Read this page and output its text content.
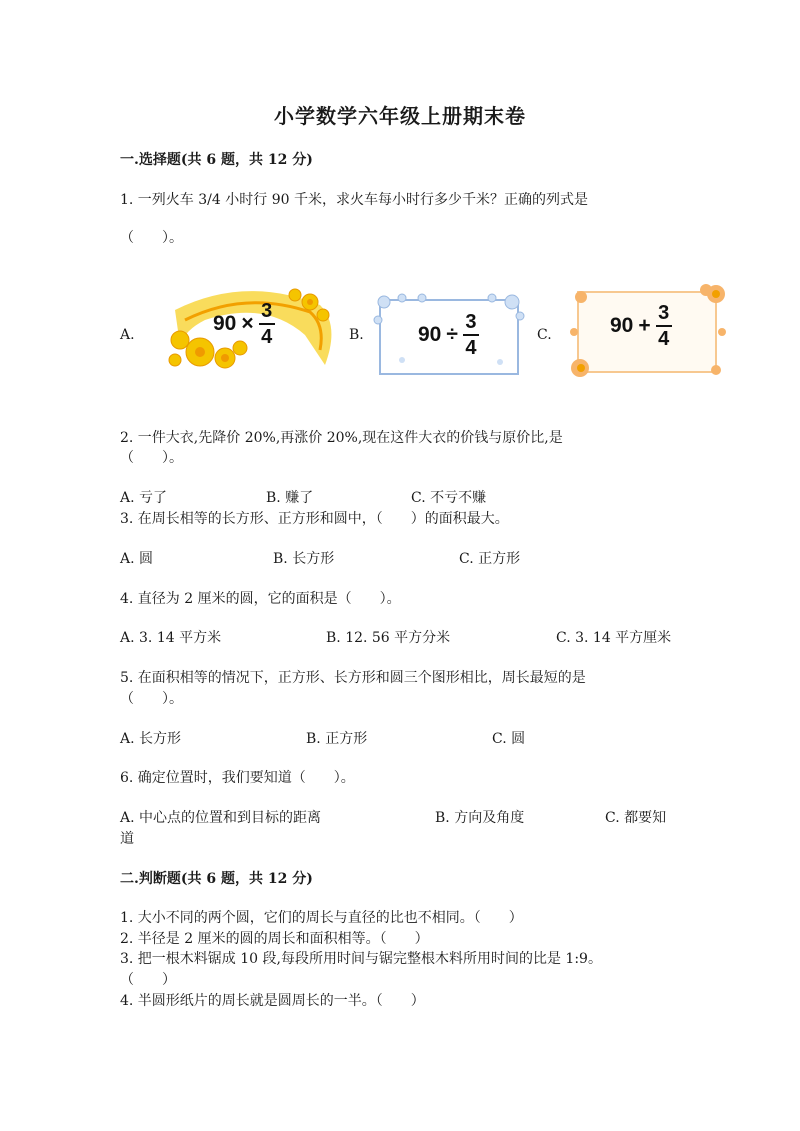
小学数学六年级上册期末卷
一.选择题(共 6 题，共 12 分)
1. 一列火车 3/4 小时行 90 千米，求火车每小时行多少千米？正确的列式是
（　　）。
A.	$90 \times \frac{3}{4}$	B.	$90 \div \frac{3}{4}$	C.	$90 + \frac{3}{4}$
2. 一件大衣,先降价 20%,再涨价 20%,现在这件大衣的价钱与原价比,是
（　　）。
A. 亏了	B. 赚了	C. 不亏不赚
3. 在周长相等的长方形、正方形和圆中，（　　）的面积最大。
A. 圆	B. 长方形	C. 正方形
4. 直径为 2 厘米的圆，它的面积是（　　）。
A. 3. 14 平方米	B. 12. 56 平方分米	C. 3. 14 平方厘米
5. 在面积相等的情况下，正方形、长方形和圆三个图形相比，周长最短的是
（　　）。
A. 长方形	B. 正方形	C. 圆
6. 确定位置时，我们要知道（　　）。
A. 中心点的位置和到目标的距离	B. 方向及角度	C. 都要知
道
二.判断题(共 6 题，共 12 分)
1. 大小不同的两个圆，它们的周长与直径的比也不相同。（　　）
2. 半径是 2 厘米的圆的周长和面积相等。（　　）
3. 把一根木料锯成 10 段,每段所用时间与锯完整根木料所用时间的比是 1:9。
（　　）
4. 半圆形纸片的周长就是圆周长的一半。（　　）
